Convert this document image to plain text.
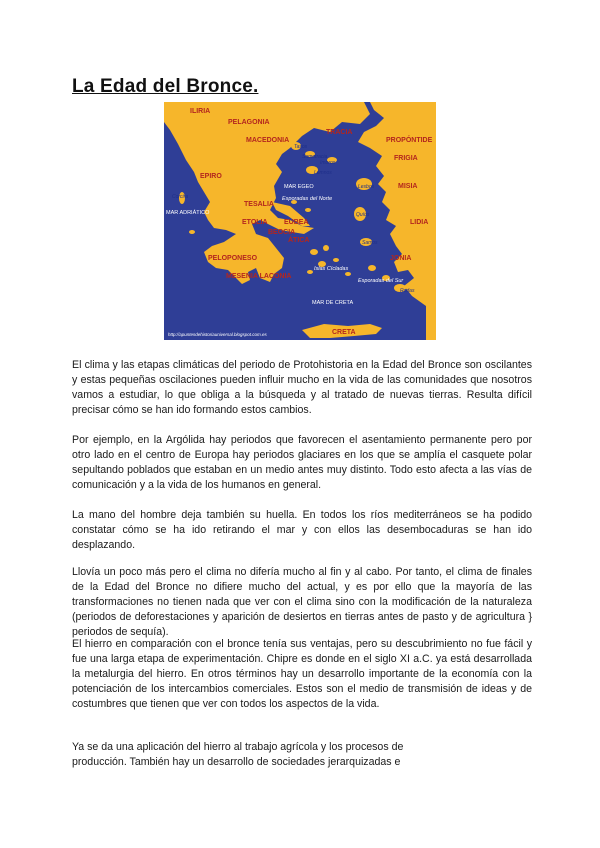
La Edad del Bronce.
ILIRIA
PELAGONIA
MACEDONIA
TRACIA
PROPÓNTIDE
FRIGIA
EPIRO
MISIA
TESALIA
ETOLIA EUBEA	LIDIA
BEOCIA
ÁTICA
PELOPONESO	JONIA
MESENIA LACONIA
CRETA
Tasos
Samotracia
Imbros
Lemnos
Lesbos
Quíos
Samos
Corcira
Rodas
MAR EGEO
MAR ADRIÁTICO
Esporadas del Norte
Islas Cícladas
Esporadas del Sur
MAR DE CRETA
http://apuntesdehistoriauniversal.blogspot.com.es

El clima y las etapas climáticas del periodo de Protohistoria en la Edad del Bronce son oscilantes y estas pequeñas oscilaciones pueden influir mucho en la vida de las comunidades que nosotros vamos a estudiar, lo que obliga a la búsqueda y al tratado de nuevas tierras. Resulta difícil precisar cómo se han ido formando estos cambios.

Por ejemplo, en la Argólida hay periodos que favorecen el asentamiento permanente pero por otro lado en el centro de Europa hay periodos glaciares en los que se amplía el casquete polar sepultando poblados que estaban en un medio antes muy distinto. Todo esto afecta a las vías de comunicación y a la vida de los humanos en general.

La mano del hombre deja también su huella. En todos los ríos mediterráneos se ha podido constatar cómo se ha ido retirando el mar y con ellos las desembocaduras se han ido desplazando.

Llovía un poco más pero el clima no difería mucho al fin y al cabo. Por tanto, el clima de finales de la Edad del Bronce no difiere mucho del actual, y es por ello que la mayoría de las transformaciones no tienen nada que ver con el clima sino con la modificación de la naturaleza (periodos de deforestaciones y aparición de desiertos en tierras antes de pasto y de agricultura } periodos de sequía).

El hierro en comparación con el bronce tenía sus ventajas, pero su descubrimiento no fue fácil y fue una larga etapa de experimentación. Chipre es donde en el siglo XI a.C. ya está desarrollada la metalurgia del hierro. En otros términos hay un desarrollo importante de la economía con la potenciación de los intercambios comerciales. Estos son el medio de transmisión de ideas y de costumbres que tienen que ver con todos los aspectos de la vida.

Ya se da una aplicación del hierro al trabajo agrícola y los procesos de producción. También hay un desarrollo de sociedades jerarquizadas e
